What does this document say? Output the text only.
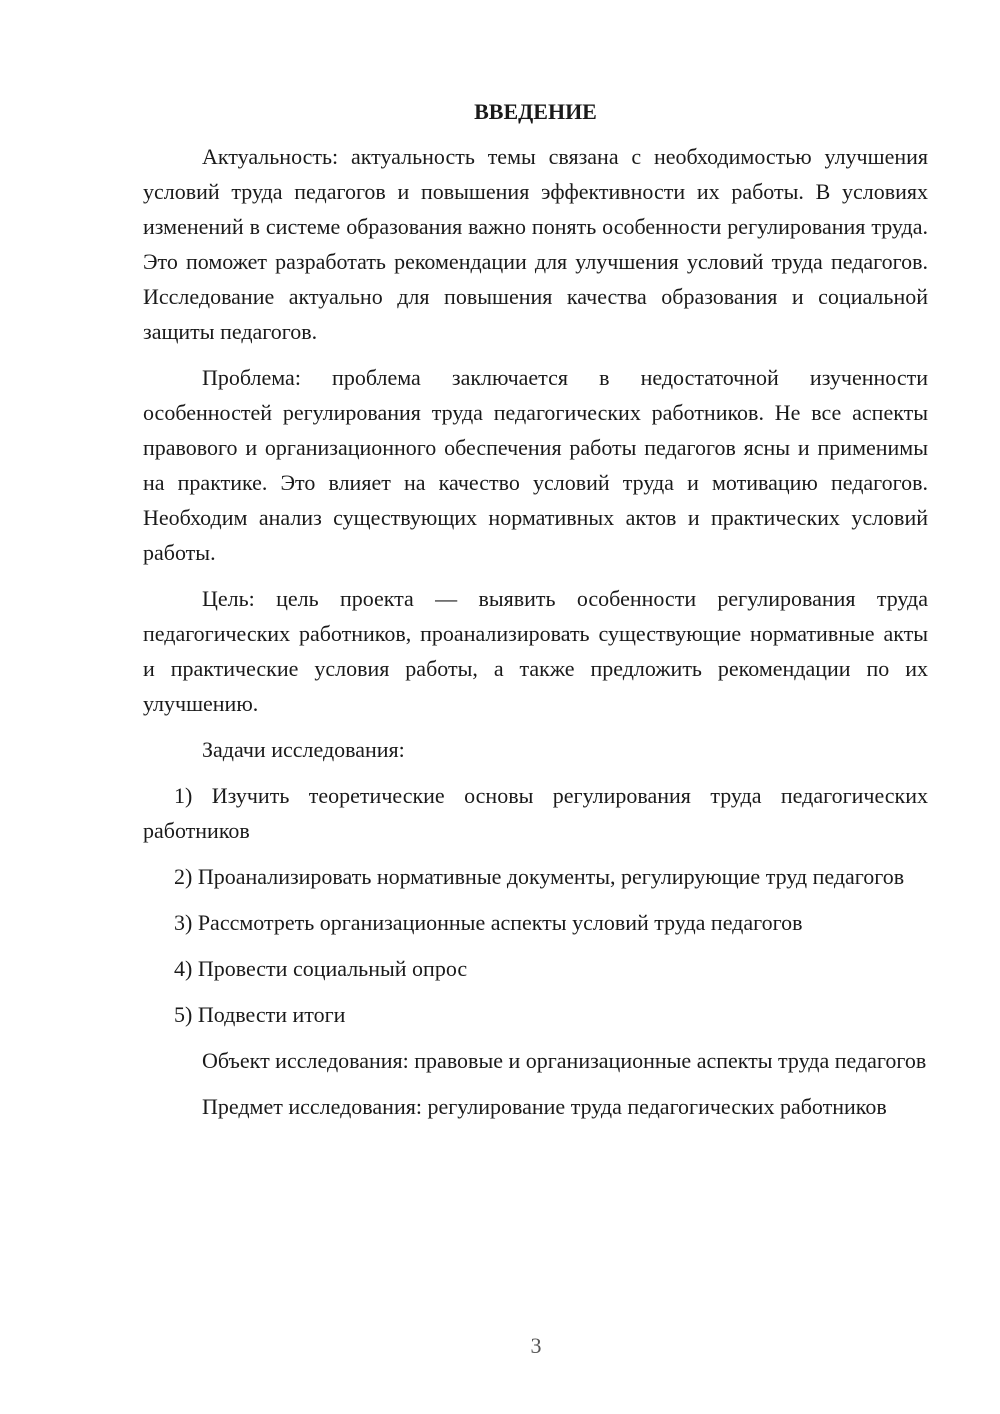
ВВЕДЕНИЕ

Актуальность: актуальность темы связана с необходимостью улучшения условий труда педагогов и повышения эффективности их работы. В условиях изменений в системе образования важно понять особенности регулирования труда. Это поможет разработать рекомендации для улучшения условий труда педагогов. Исследование актуально для повышения качества образования и социальной защиты педагогов.

Проблема: проблема заключается в недостаточной изученности особенностей регулирования труда педагогических работников. Не все аспекты правового и организационного обеспечения работы педагогов ясны и применимы на практике. Это влияет на качество условий труда и мотивацию педагогов. Необходим анализ существующих нормативных актов и практических условий работы.

Цель: цель проекта — выявить особенности регулирования труда педагогических работников, проанализировать существующие нормативные акты и практические условия работы, а также предложить рекомендации по их улучшению.

Задачи исследования:

1) Изучить теоретические основы регулирования труда педагогических работников

2) Проанализировать нормативные документы, регулирующие труд педагогов

3) Рассмотреть организационные аспекты условий труда педагогов

4) Провести социальный опрос

5) Подвести итоги

Объект исследования: правовые и организационные аспекты труда педагогов

Предмет исследования: регулирование труда педагогических работников

3
